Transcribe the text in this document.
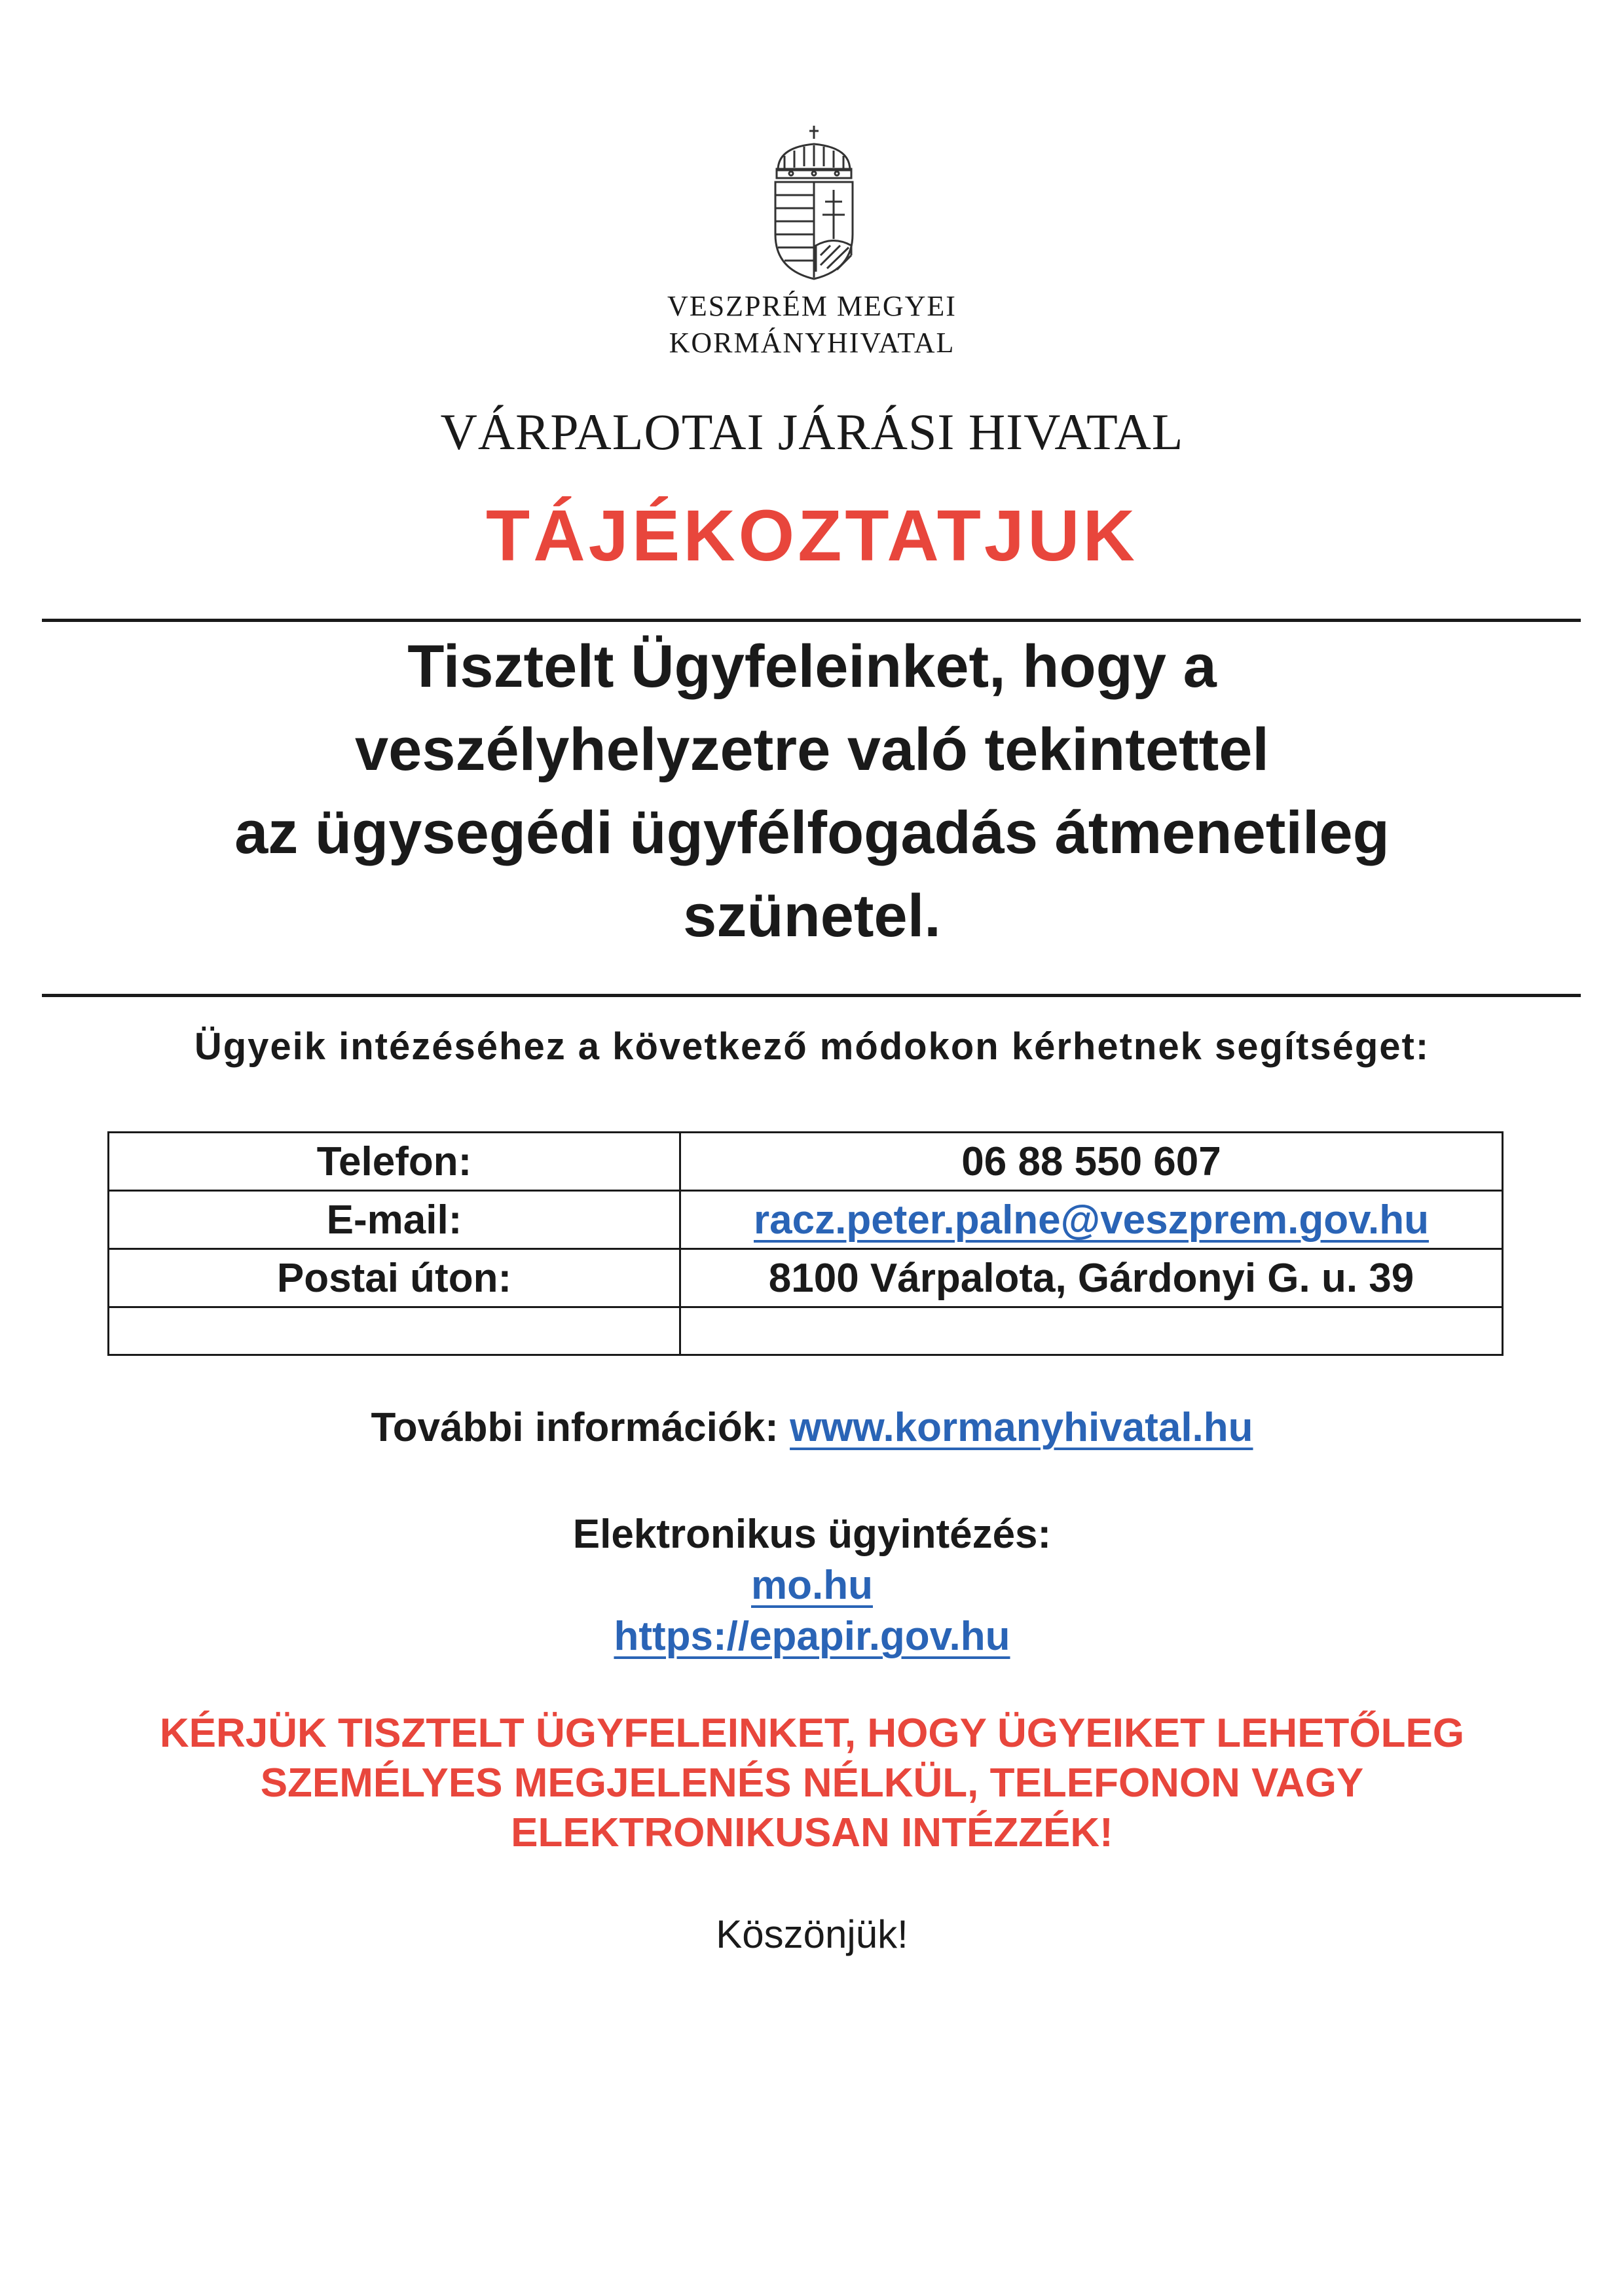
VESZPRÉM MEGYEI
KORMÁNYHIVATAL
VÁRPALOTAI JÁRÁSI HIVATAL
TÁJÉKOZTATJUK
Tisztelt Ügyfeleinket, hogy a
veszélyhelyzetre való tekintettel
az ügysegédi ügyfélfogadás átmenetileg
szünetel.
Ügyeik intézéséhez a következő módokon kérhetnek segítséget:
Telefon:	06 88 550 607
E-mail:	racz.peter.palne@veszprem.gov.hu
Postai úton:	8100 Várpalota, Gárdonyi G. u. 39

További információk: www.kormanyhivatal.hu
Elektronikus ügyintézés:
mo.hu
https://epapir.gov.hu
KÉRJÜK TISZTELT ÜGYFELEINKET, HOGY ÜGYEIKET LEHETŐLEG
SZEMÉLYES MEGJELENÉS NÉLKÜL, TELEFONON VAGY
ELEKTRONIKUSAN INTÉZZÉK!
Köszönjük!
